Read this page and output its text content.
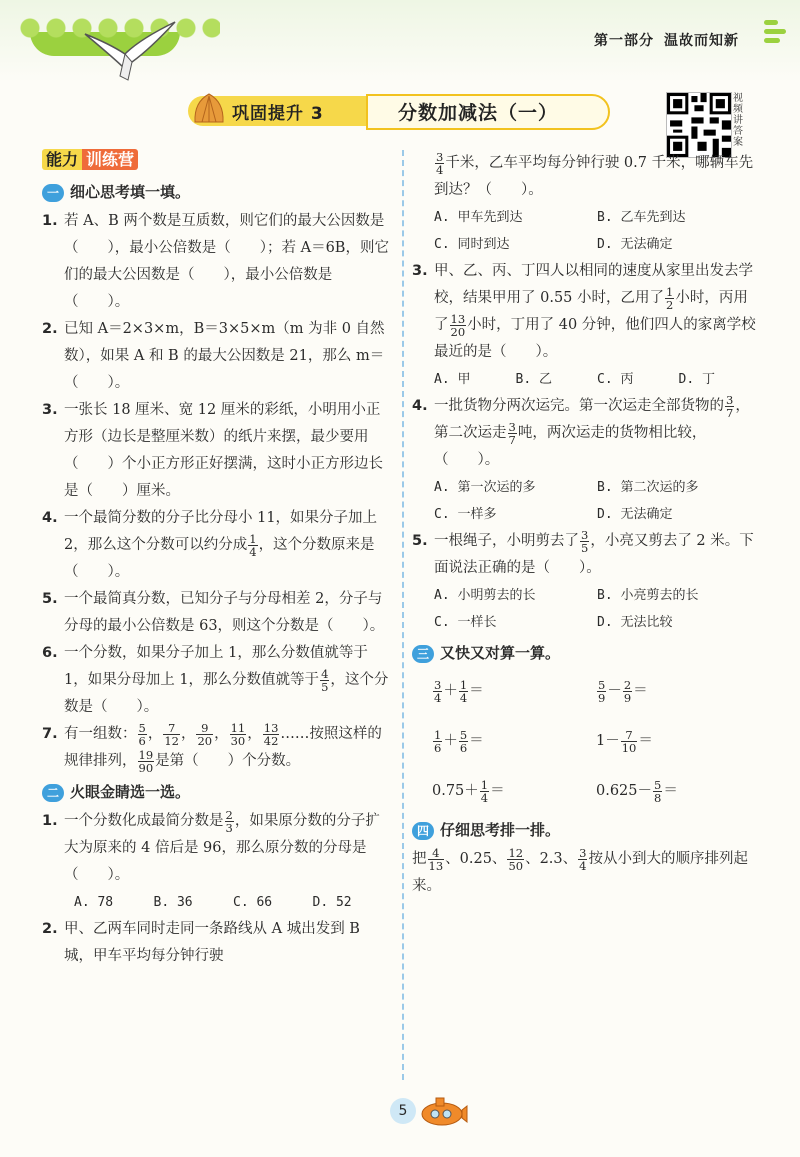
第一部分 温故而知新
巩固提升 3	分数加减法（一）
视频讲答案
能力 训练营
一 细心思考填一填。
1. 若 A、B 两个数是互质数，则它们的最大公因数是（　　），最小公倍数是（　　）；若 A＝6B，则它们的最大公因数是（　　），最小公倍数是（　　）。
2. 已知 A＝2×3×m，B＝3×5×m（m 为非 0 自然数），如果 A 和 B 的最大公因数是 21，那么 m＝（　　）。
3. 一张长 18 厘米、宽 12 厘米的彩纸，小明用小正方形（边长是整厘米数）的纸片来摆，最少要用（　　）个小正方形正好摆满，这时小正方形边长是（　　）厘米。
4. 一个最简分数的分子比分母小 11，如果分子加上 2，那么这个分数可以约分成 $\frac{1}{4}$ ，这个分数原来是（　　）。
5. 一个最简真分数，已知分子与分母相差 2，分子与分母的最小公倍数是 63，则这个分数是（　　）。
6. 一个分数，如果分子加上 1，那么分数值就等于 1，如果分母加上 1，那么分数值就等于 $\frac{4}{5}$ ，这个分数是（　　）。
7. 有一组数： $\frac{5}{6}$ ， $\frac{7}{12}$ ， $\frac{9}{20}$ ， $\frac{11}{30}$ ， $\frac{13}{42}$ ……按照这样的规律排列， $\frac{19}{90}$ 是第（　　）个分数。
二 火眼金睛选一选。
1. 一个分数化成最简分数是 $\frac{2}{3}$ ，如果原分数的分子扩大为原来的 4 倍后是 96，那么原分数的分母是（　　）。
A. 78	B. 36	C. 66	D. 52
2. 甲、乙两车同时走同一条路线从 A 城出发到 B 城，甲车平均每分钟行驶
$\frac{3}{4}$ 千米，乙车平均每分钟行驶 0.7 千米，哪辆车先到达？（　　）。
A. 甲车先到达	B. 乙车先到达
C. 同时到达	D. 无法确定
3. 甲、乙、丙、丁四人以相同的速度从家里出发去学校，结果甲用了 0.55 小时，乙用了 $\frac{1}{2}$ 小时，丙用了 $\frac{13}{20}$ 小时，丁用了 40 分钟，他们四人的家离学校最近的是（　　）。
A. 甲	B. 乙	C. 丙	D. 丁
4. 一批货物分两次运完。第一次运走全部货物的 $\frac{3}{7}$ ，第二次运走 $\frac{3}{7}$ 吨，两次运走的货物相比较，（　　）。
A. 第一次运的多	B. 第二次运的多
C. 一样多	D. 无法确定
5. 一根绳子，小明剪去了 $\frac{3}{5}$ ，小亮又剪去了 2 米。下面说法正确的是（　　）。
A. 小明剪去的长	B. 小亮剪去的长
C. 一样长	D. 无法比较
三 又快又对算一算。
$\frac{3}{4} + \frac{1}{4}$ ＝	$\frac{5}{9} - \frac{2}{9}$ ＝
$\frac{1}{6} + \frac{5}{6}$ ＝	$1- \frac{7}{10}$ ＝
$0.75+ \frac{1}{4}$ ＝	$0.625- \frac{5}{8}$ ＝
四 仔细思考排一排。
把 $\frac{4}{13}$ 、0.25、 $\frac{12}{50}$ 、2.3、 $\frac{3}{4}$ 按从小到大的顺序排列起来。
5
